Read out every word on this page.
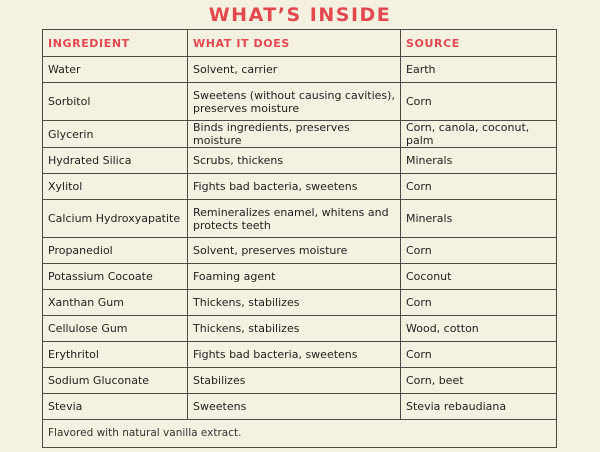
WHAT’S INSIDE
INGREDIENT	WHAT IT DOES	SOURCE
Water	Solvent, carrier	Earth
Sorbitol	Sweetens (without causing cavities), preserves moisture	Corn
Glycerin	Binds ingredients, preserves moisture	Corn, canola, coconut, palm
Hydrated Silica	Scrubs, thickens	Minerals
Xylitol	Fights bad bacteria, sweetens	Corn
Calcium Hydroxyapatite	Remineralizes enamel, whitens and protects teeth	Minerals
Propanediol	Solvent, preserves moisture	Corn
Potassium Cocoate	Foaming agent	Coconut
Xanthan Gum	Thickens, stabilizes	Corn
Cellulose Gum	Thickens, stabilizes	Wood, cotton
Erythritol	Fights bad bacteria, sweetens	Corn
Sodium Gluconate	Stabilizes	Corn, beet
Stevia	Sweetens	Stevia rebaudiana
Flavored with natural vanilla extract.		
